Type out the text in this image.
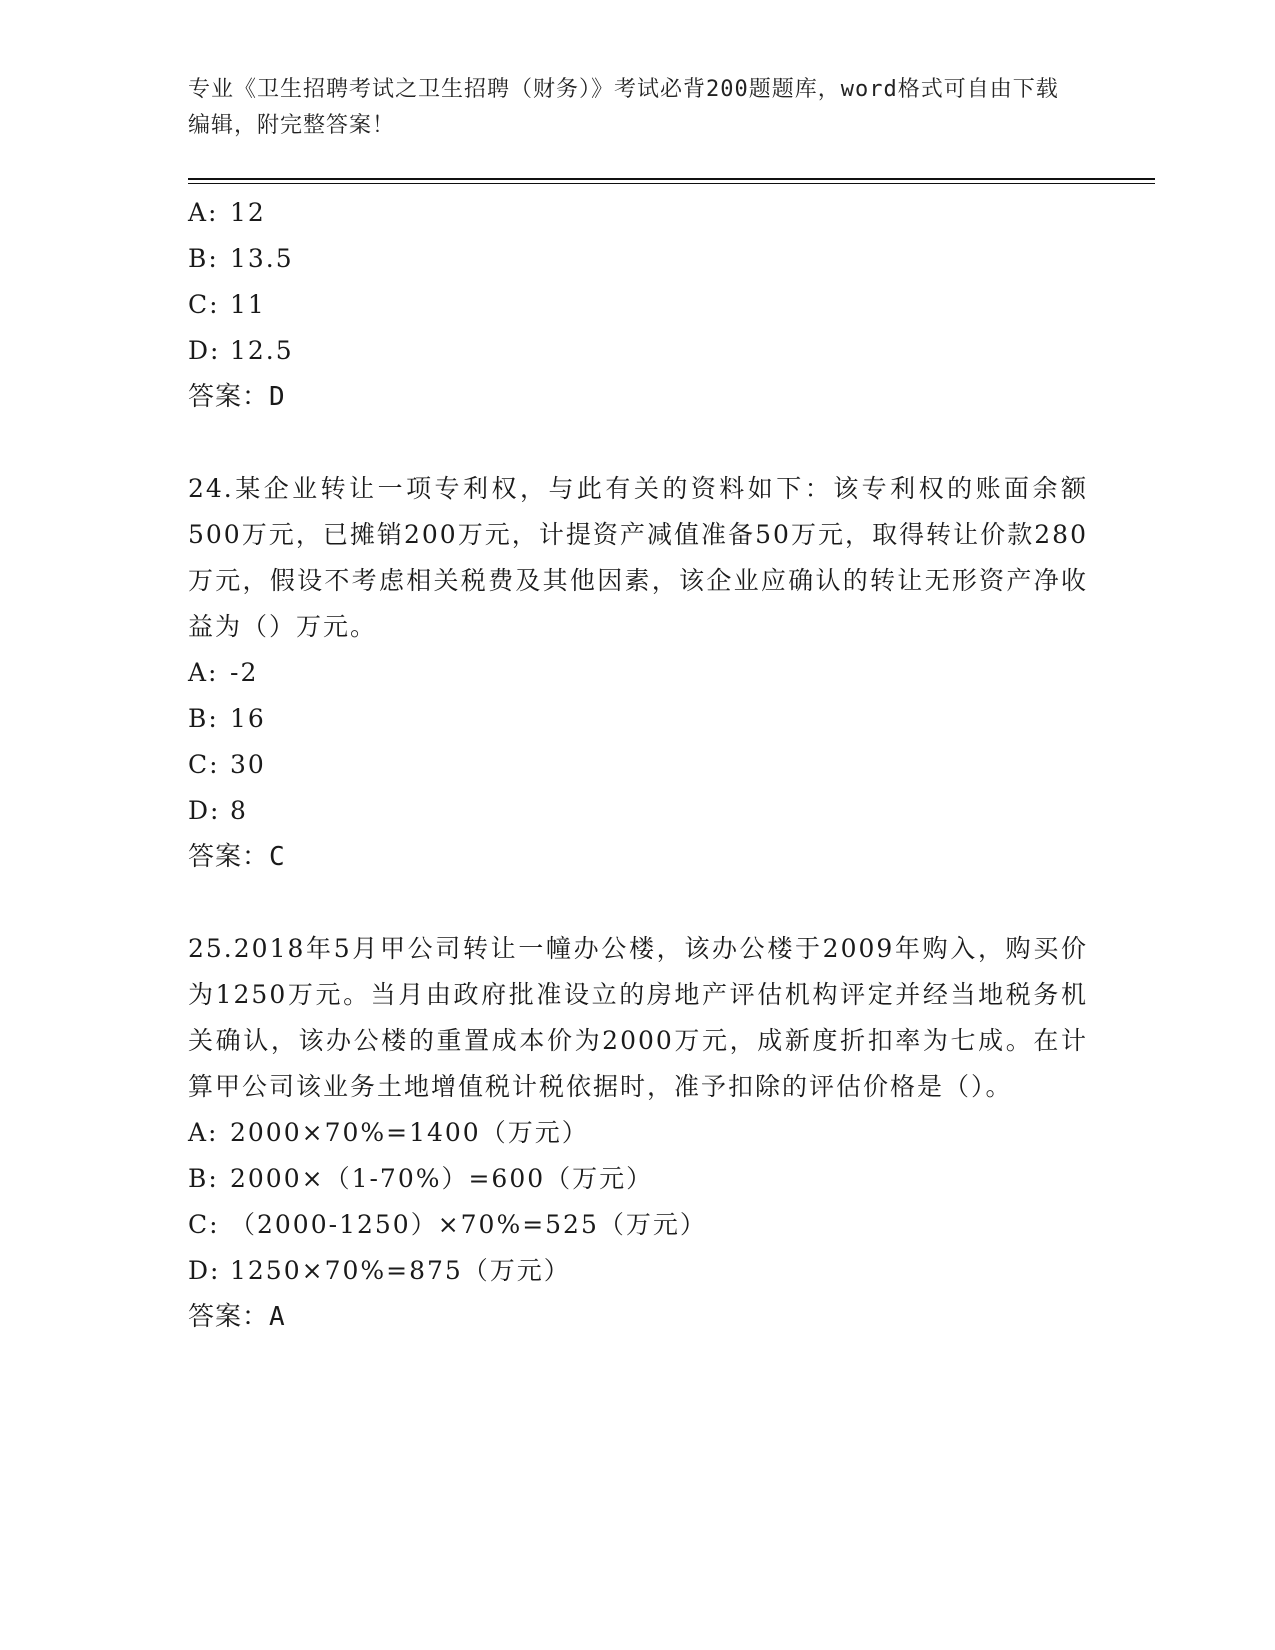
专业《卫生招聘考试之卫生招聘（财务）》考试必背200题题库，word格式可自由下载编辑，附完整答案！
A: 12
B: 13.5
C: 11
D: 12.5
答案：D
24.某企业转让一项专利权，与此有关的资料如下：该专利权的账面余额500万元，已摊销200万元，计提资产减值准备50万元，取得转让价款280万元，假设不考虑相关税费及其他因素，该企业应确认的转让无形资产净收益为（）万元。
A: -2
B: 16
C: 30
D: 8
答案：C
25.2018年5月甲公司转让一幢办公楼，该办公楼于2009年购入，购买价为1250万元。当月由政府批准设立的房地产评估机构评定并经当地税务机关确认，该办公楼的重置成本价为2000万元，成新度折扣率为七成。在计算甲公司该业务土地增值税计税依据时，准予扣除的评估价格是（）。
A: 2000×70%=1400（万元）
B: 2000×（1-70%）=600（万元）
C: （2000-1250）×70%=525（万元）
D: 1250×70%=875（万元）
答案：A
